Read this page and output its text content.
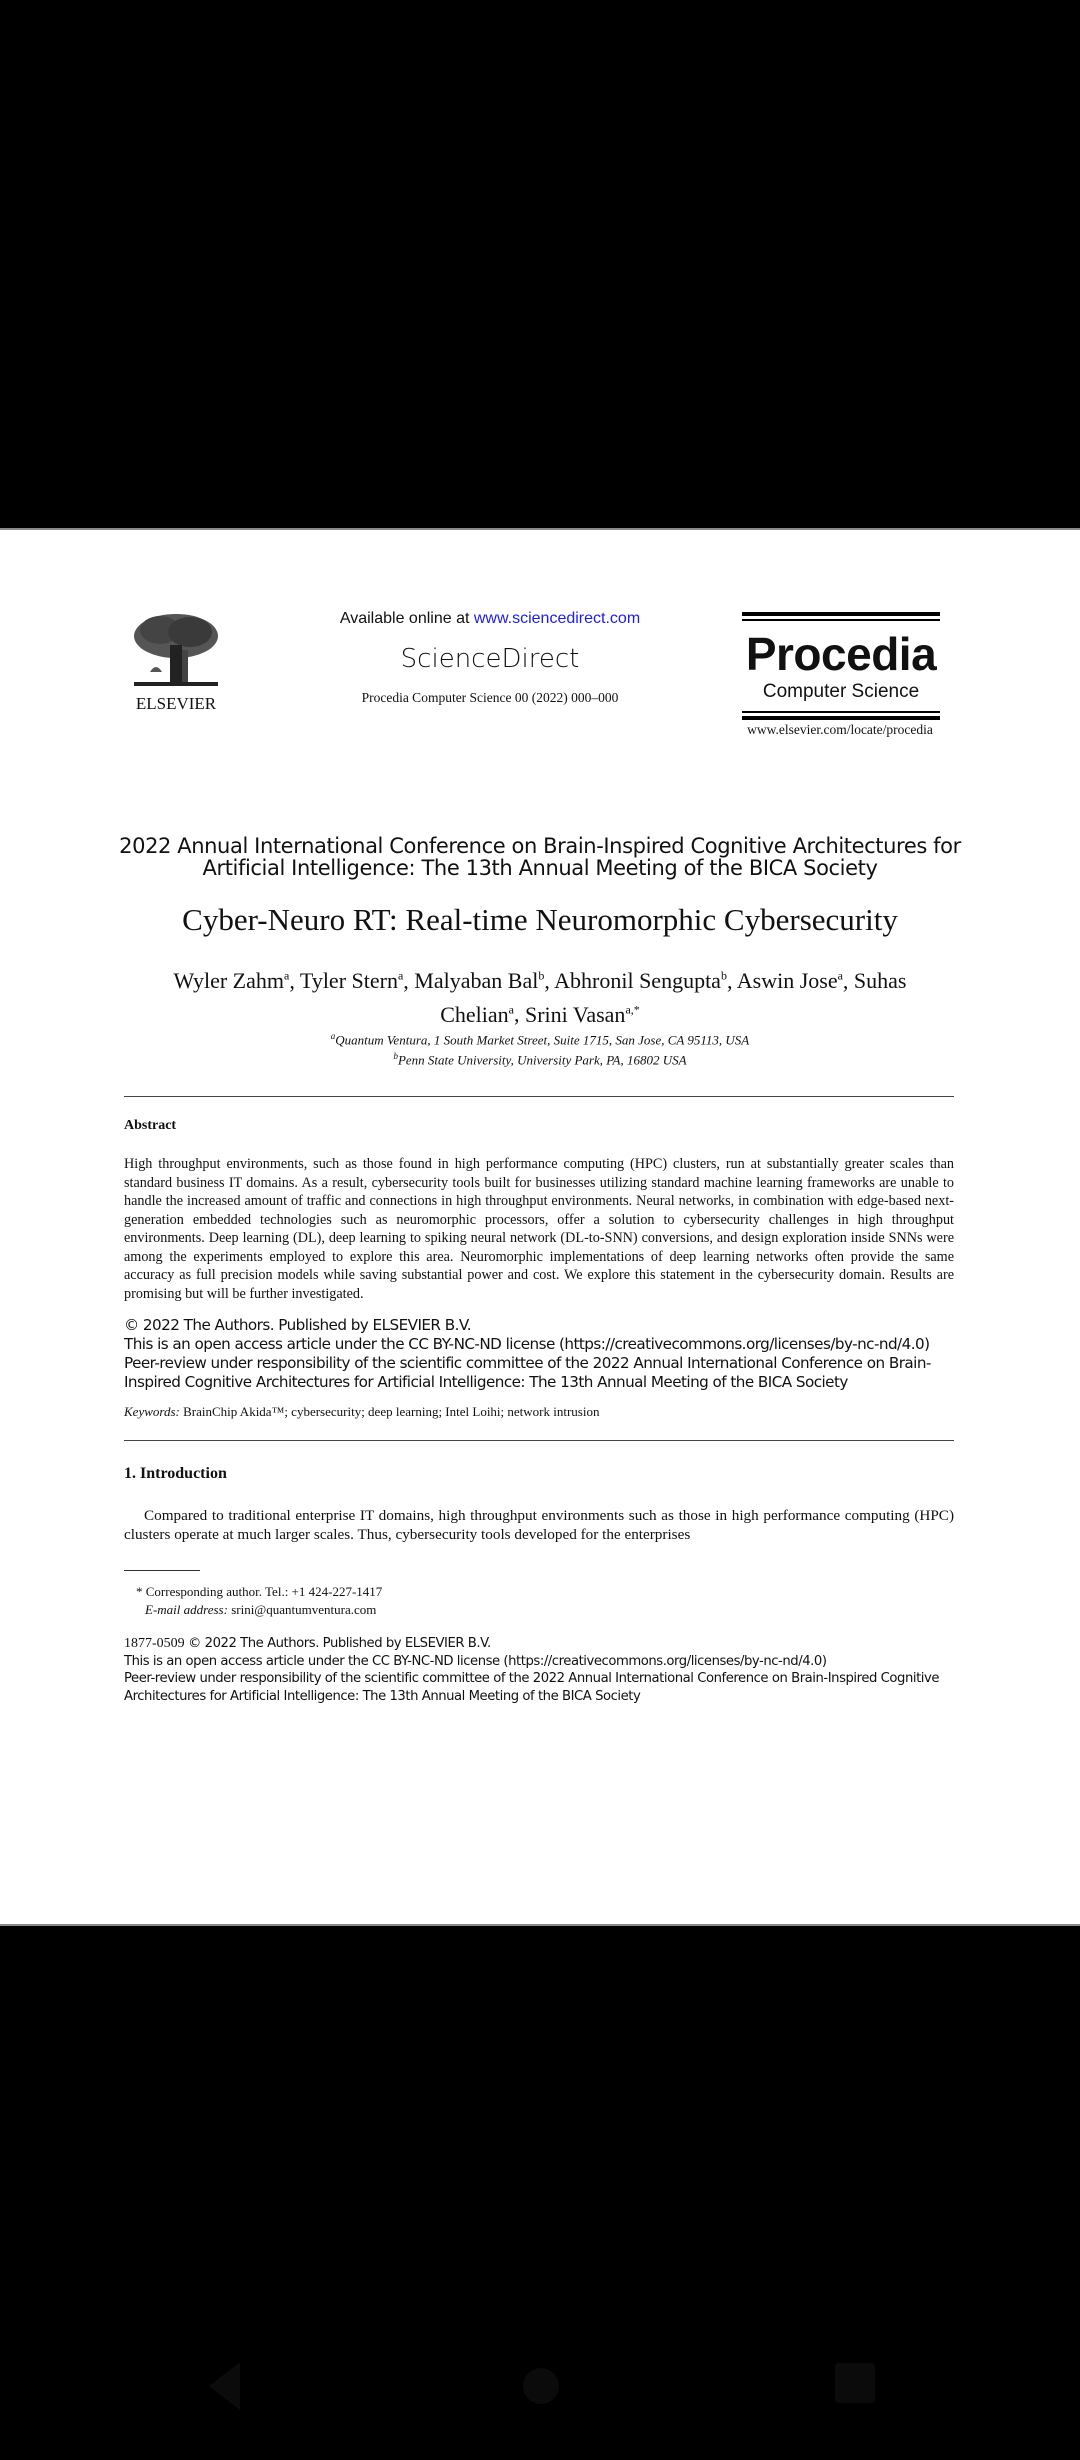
ELSEVIER
Available online at www.sciencedirect.com
ScienceDirect
Procedia Computer Science 00 (2022) 000–000
Procedia
Computer Science
www.elsevier.com/locate/procedia
2022 Annual International Conference on Brain-Inspired Cognitive Architectures for
Artificial Intelligence: The 13th Annual Meeting of the BICA Society
Cyber-Neuro RT: Real-time Neuromorphic Cybersecurity
Wyler Zahm$^a$, Tyler Stern$^a$, Malyaban Bal$^b$, Abhronil Sengupta$^b$, Aswin Jose$^a$, Suhas Chelian$^a$, Srini Vasan$^{a,*}$
$^a$Quantum Ventura, 1 South Market Street, Suite 1715, San Jose, CA 95113, USA
$^b$Penn State University, University Park, PA, 16802 USA
Abstract
High throughput environments, such as those found in high performance computing (HPC) clusters, run at substantially greater scales than standard business IT domains. As a result, cybersecurity tools built for businesses utilizing standard machine learning frameworks are unable to handle the increased amount of traffic and connections in high throughput environments. Neural networks, in combination with edge-based next-generation embedded technologies such as neuromorphic processors, offer a solution to cybersecurity challenges in high throughput environments. Deep learning (DL), deep learning to spiking neural network (DL-to-SNN) conversions, and design exploration inside SNNs were among the experiments employed to explore this area. Neuromorphic implementations of deep learning networks often provide the same accuracy as full precision models while saving substantial power and cost. We explore this statement in the cybersecurity domain. Results are promising but will be further investigated.
© 2022 The Authors. Published by ELSEVIER B.V.
This is an open access article under the CC BY-NC-ND license (https://creativecommons.org/licenses/by-nc-nd/4.0)
Peer-review under responsibility of the scientific committee of the 2022 Annual International Conference on Brain-Inspired Cognitive Architectures for Artificial Intelligence: The 13th Annual Meeting of the BICA Society
Keywords: BrainChip Akida™; cybersecurity; deep learning; Intel Loihi; network intrusion
1. Introduction
Compared to traditional enterprise IT domains, high throughput environments such as those in high performance computing (HPC) clusters operate at much larger scales. Thus, cybersecurity tools developed for the enterprises
* Corresponding author. Tel.: +1 424-227-1417
E-mail address: srini@quantumventura.com
1877-0509 © 2022 The Authors. Published by ELSEVIER B.V.
This is an open access article under the CC BY-NC-ND license (https://creativecommons.org/licenses/by-nc-nd/4.0)
Peer-review under responsibility of the scientific committee of the 2022 Annual International Conference on Brain-Inspired Cognitive Architectures for Artificial Intelligence: The 13th Annual Meeting of the BICA Society
